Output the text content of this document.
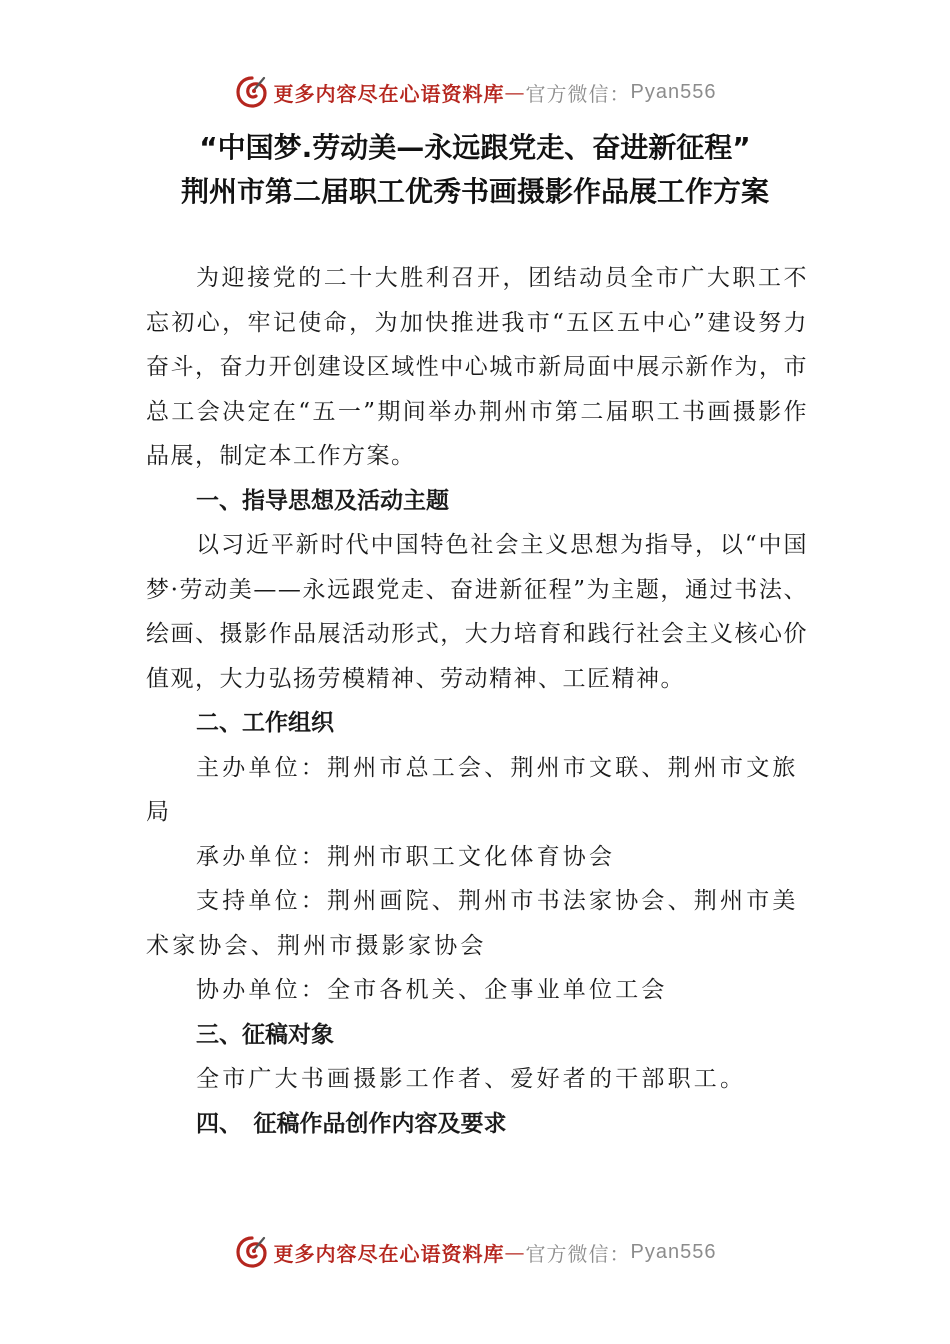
更多内容尽在心语资料库 — 官方微信： Pyan556
“中国梦.劳动美—永远跟党走、奋进新征程”
荆州市第二届职工优秀书画摄影作品展工作方案

为迎接党的二十大胜利召开，团结动员全市广大职工不忘初心，牢记使命，为加快推进我市“五区五中心”建设努力奋斗，奋力开创建设区域性中心城市新局面中展示新作为，市总工会决定在“五一”期间举办荆州市第二届职工书画摄影作品展，制定本工作方案。

一、指导思想及活动主题

以习近平新时代中国特色社会主义思想为指导，以“中国梦·劳动美——永远跟党走、奋进新征程”为主题，通过书法、绘画、摄影作品展活动形式，大力培育和践行社会主义核心价值观，大力弘扬劳模精神、劳动精神、工匠精神。

二、工作组织

主办单位：荆州市总工会、荆州市文联、荆州市文旅局

承办单位：荆州市职工文化体育协会

支持单位：荆州画院、荆州市书法家协会、荆州市美术家协会、荆州市摄影家协会

协办单位：全市各机关、企事业单位工会

三、征稿对象

全市广大书画摄影工作者、爱好者的干部职工。

四、　征稿作品创作内容及要求

更多内容尽在心语资料库 — 官方微信： Pyan556
